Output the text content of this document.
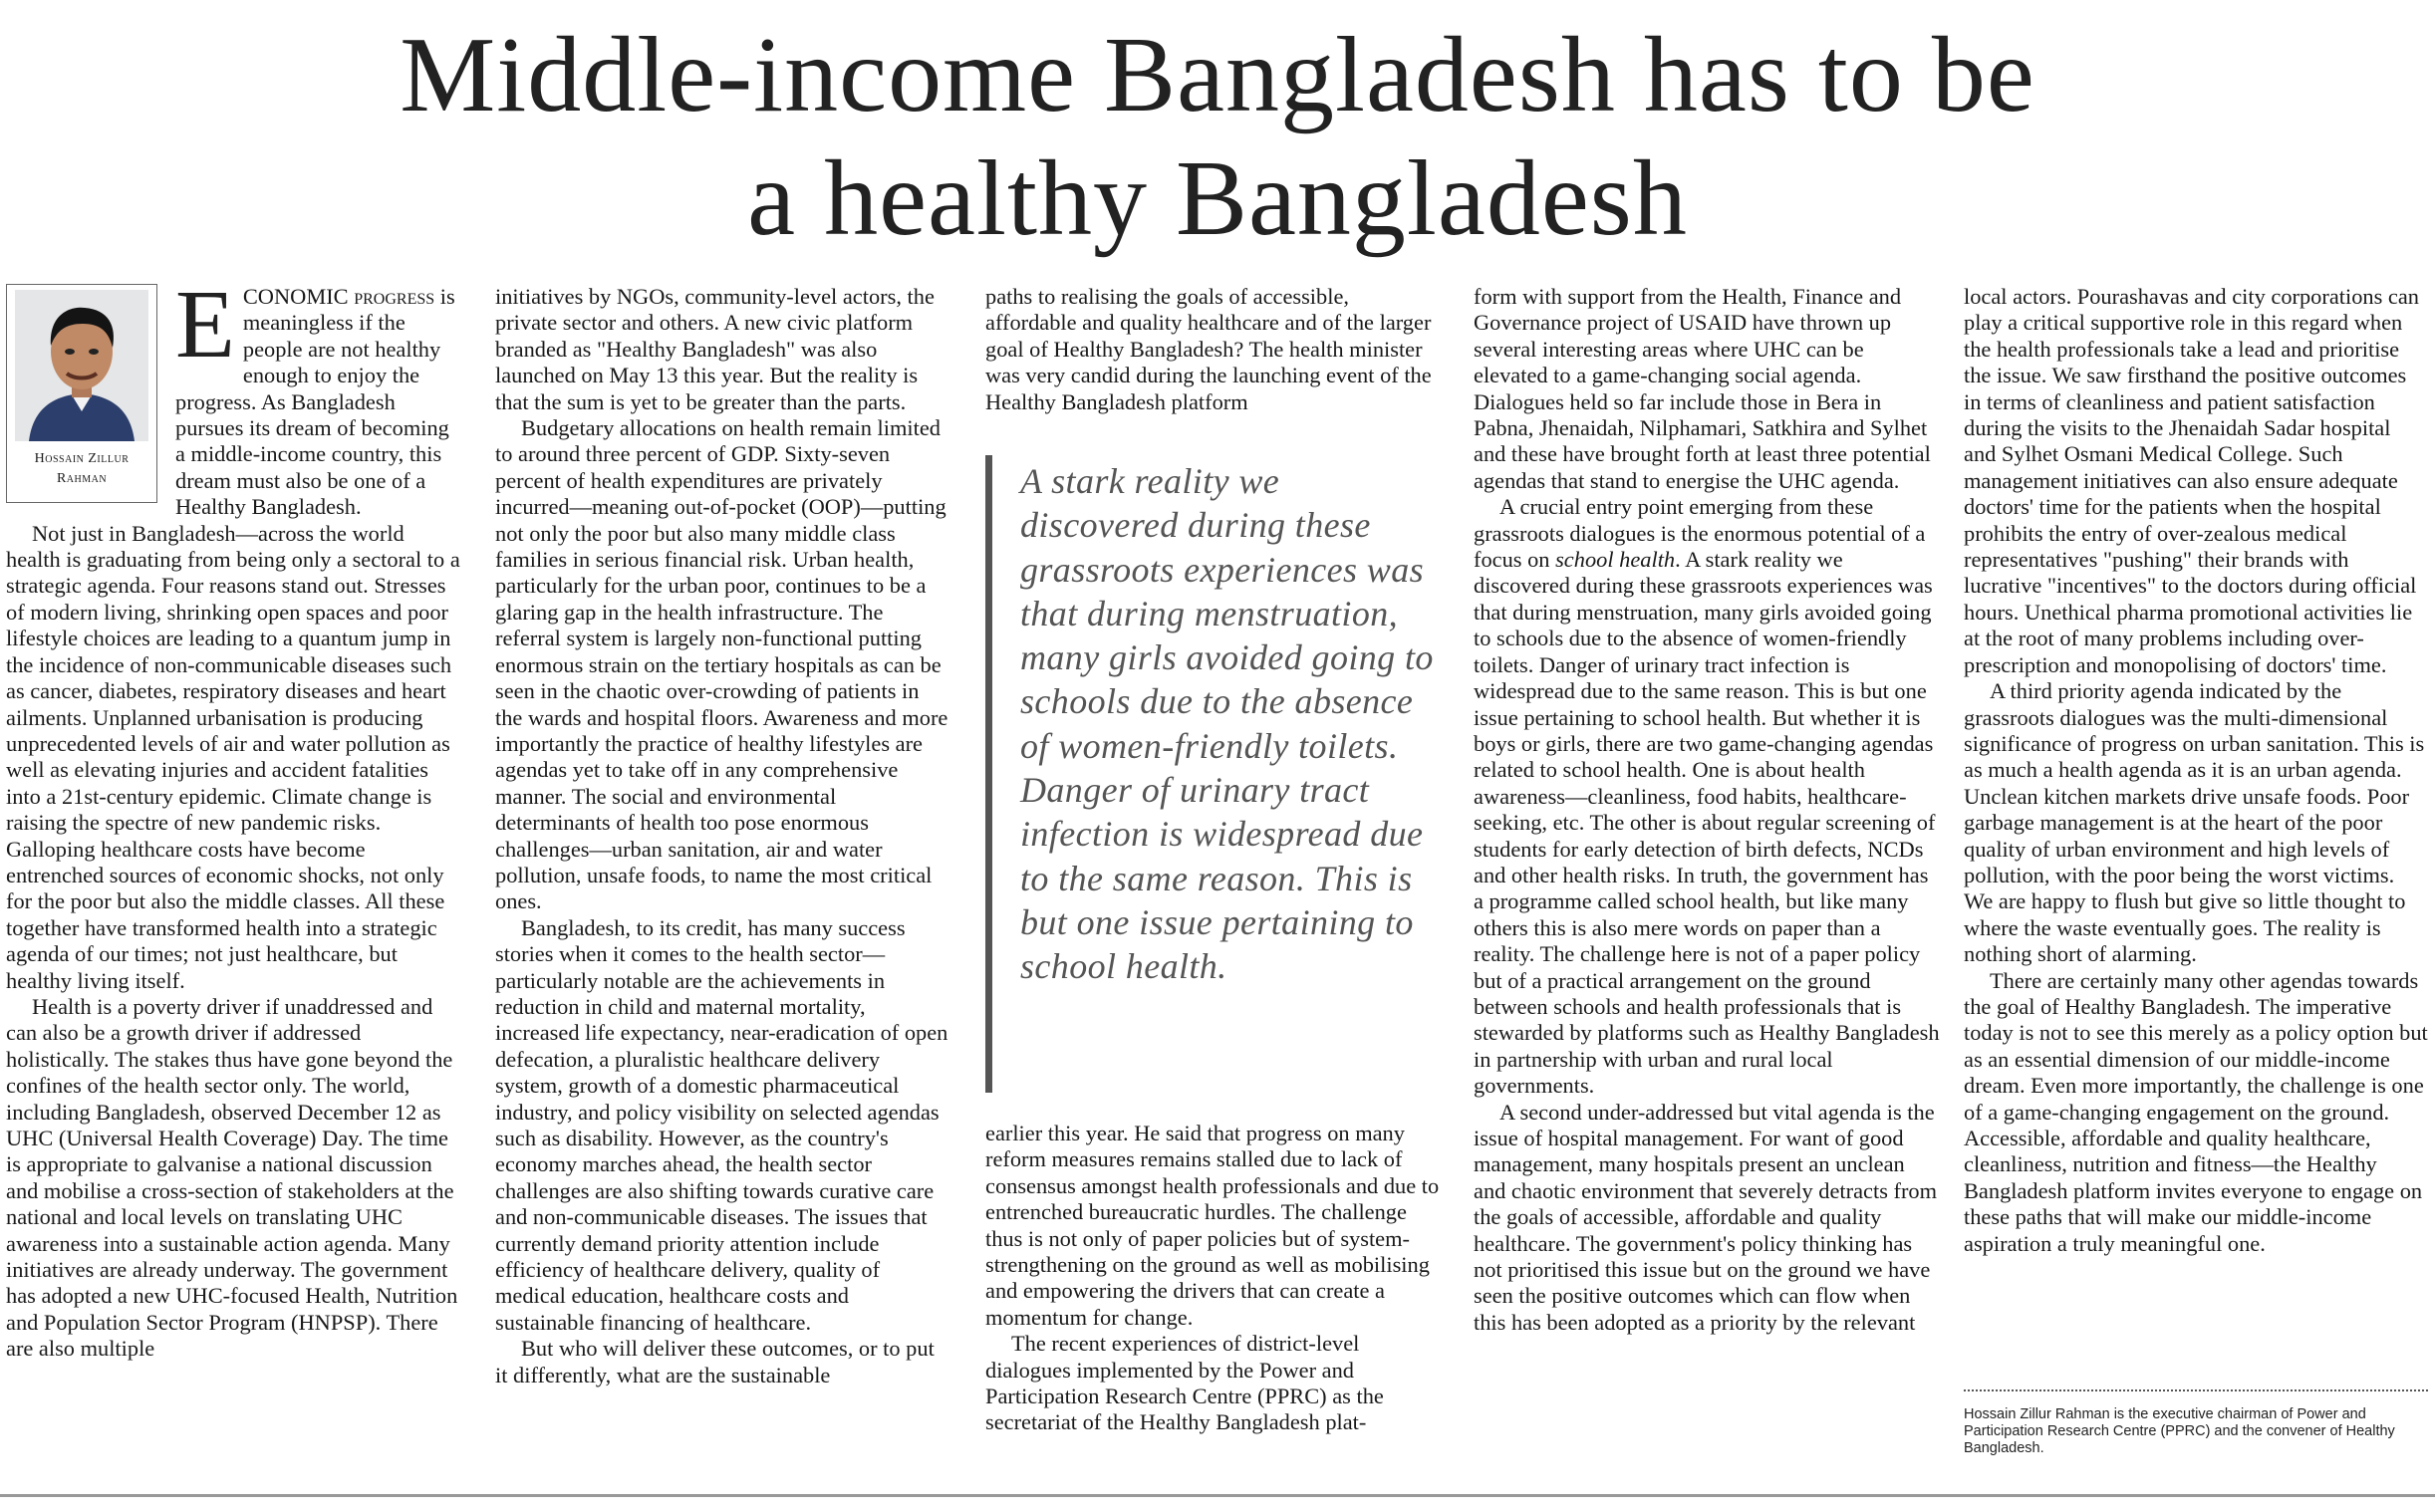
Middle-income Bangladesh has to be
a healthy Bangladesh
Hossain Zillur
Rahman

ECONOMIC progress is meaningless if the people are not healthy enough to enjoy the progress. As Bangladesh pursues its dream of becoming a middle-income country, this dream must also be one of a Healthy Bangladesh.

Not just in Bangladesh—across the world health is graduating from being only a sectoral to a strategic agenda. Four reasons stand out. Stresses of modern living, shrinking open spaces and poor lifestyle choices are leading to a quantum jump in the incidence of non-communicable diseases such as cancer, diabetes, respiratory diseases and heart ailments. Unplanned urbanisation is producing unprecedented levels of air and water pollution as well as elevating injuries and accident fatalities into a 21st-century epidemic. Climate change is raising the spectre of new pandemic risks. Galloping healthcare costs have become entrenched sources of economic shocks, not only for the poor but also the middle classes. All these together have transformed health into a strategic agenda of our times; not just healthcare, but healthy living itself.

Health is a poverty driver if unaddressed and can also be a growth driver if addressed holistically. The stakes thus have gone beyond the confines of the health sector only. The world, including Bangladesh, observed December 12 as UHC (Universal Health Coverage) Day. The time is appropriate to galvanise a national discussion and mobilise a cross-section of stakeholders at the national and local levels on translating UHC awareness into a sustainable action agenda. Many initiatives are already underway. The government has adopted a new UHC-focused Health, Nutrition and Population Sector Program (HNPSP). There are also multiple

initiatives by NGOs, community-level actors, the private sector and others. A new civic platform branded as "Healthy Bangladesh" was also launched on May 13 this year. But the reality is that the sum is yet to be greater than the parts.

Budgetary allocations on health remain limited to around three percent of GDP. Sixty-seven percent of health expenditures are privately incurred—meaning out-of-pocket (OOP)—putting not only the poor but also many middle class families in serious financial risk. Urban health, particularly for the urban poor, continues to be a glaring gap in the health infrastructure. The referral system is largely non-functional putting enormous strain on the tertiary hospitals as can be seen in the chaotic over-crowding of patients in the wards and hospital floors. Awareness and more importantly the practice of healthy lifestyles are agendas yet to take off in any comprehensive manner. The social and environmental determinants of health too pose enormous challenges—urban sanitation, air and water pollution, unsafe foods, to name the most critical ones.

Bangladesh, to its credit, has many success stories when it comes to the health sector—particularly notable are the achievements in reduction in child and maternal mortality, increased life expectancy, near-eradication of open defecation, a pluralistic healthcare delivery system, growth of a domestic pharmaceutical industry, and policy visibility on selected agendas such as disability. However, as the country's economy marches ahead, the health sector challenges are also shifting towards curative care and non-communicable diseases. The issues that currently demand priority attention include efficiency of healthcare delivery, quality of medical education, healthcare costs and sustainable financing of healthcare.

But who will deliver these outcomes, or to put it differently, what are the sustainable

paths to realising the goals of accessible, affordable and quality healthcare and of the larger goal of Healthy Bangladesh? The health minister was very candid during the launching event of the Healthy Bangladesh platform

A stark reality we discovered during these grassroots experiences was that during menstruation, many girls avoided going to schools due to the absence of women-friendly toilets. Danger of urinary tract infection is widespread due to the same reason. This is but one issue pertaining to school health.

earlier this year. He said that progress on many reform measures remains stalled due to lack of consensus amongst health professionals and due to entrenched bureaucratic hurdles. The challenge thus is not only of paper policies but of system-strengthening on the ground as well as mobilising and empowering the drivers that can create a momentum for change.

The recent experiences of district-level dialogues implemented by the Power and Participation Research Centre (PPRC) as the secretariat of the Healthy Bangladesh plat-

form with support from the Health, Finance and Governance project of USAID have thrown up several interesting areas where UHC can be elevated to a game-changing social agenda. Dialogues held so far include those in Bera in Pabna, Jhenaidah, Nilphamari, Satkhira and Sylhet and these have brought forth at least three potential agendas that stand to energise the UHC agenda.

A crucial entry point emerging from these grassroots dialogues is the enormous potential of a focus on school health. A stark reality we discovered during these grassroots experiences was that during menstruation, many girls avoided going to schools due to the absence of women-friendly toilets. Danger of urinary tract infection is widespread due to the same reason. This is but one issue pertaining to school health. But whether it is boys or girls, there are two game-changing agendas related to school health. One is about health awareness—cleanliness, food habits, healthcare-seeking, etc. The other is about regular screening of students for early detection of birth defects, NCDs and other health risks. In truth, the government has a programme called school health, but like many others this is also mere words on paper than a reality. The challenge here is not of a paper policy but of a practical arrangement on the ground between schools and health professionals that is stewarded by platforms such as Healthy Bangladesh in partnership with urban and rural local governments.

A second under-addressed but vital agenda is the issue of hospital management. For want of good management, many hospitals present an unclean and chaotic environment that severely detracts from the goals of accessible, affordable and quality healthcare. The government's policy thinking has not prioritised this issue but on the ground we have seen the positive outcomes which can flow when this has been adopted as a priority by the relevant

local actors. Pourashavas and city corporations can play a critical supportive role in this regard when the health professionals take a lead and prioritise the issue. We saw firsthand the positive outcomes in terms of cleanliness and patient satisfaction during the visits to the Jhenaidah Sadar hospital and Sylhet Osmani Medical College. Such management initiatives can also ensure adequate doctors' time for the patients when the hospital prohibits the entry of over-zealous medical representatives "pushing" their brands with lucrative "incentives" to the doctors during official hours. Unethical pharma promotional activities lie at the root of many problems including over-prescription and monopolising of doctors' time.

A third priority agenda indicated by the grassroots dialogues was the multi-dimensional significance of progress on urban sanitation. This is as much a health agenda as it is an urban agenda. Unclean kitchen markets drive unsafe foods. Poor garbage management is at the heart of the poor quality of urban environment and high levels of pollution, with the poor being the worst victims. We are happy to flush but give so little thought to where the waste eventually goes. The reality is nothing short of alarming.

There are certainly many other agendas towards the goal of Healthy Bangladesh. The imperative today is not to see this merely as a policy option but as an essential dimension of our middle-income dream. Even more importantly, the challenge is one of a game-changing engagement on the ground. Accessible, affordable and quality healthcare, cleanliness, nutrition and fitness—the Healthy Bangladesh platform invites everyone to engage on these paths that will make our middle-income aspiration a truly meaningful one.

Hossain Zillur Rahman is the executive chairman of Power and Participation Research Centre (PPRC) and the convener of Healthy Bangladesh.
